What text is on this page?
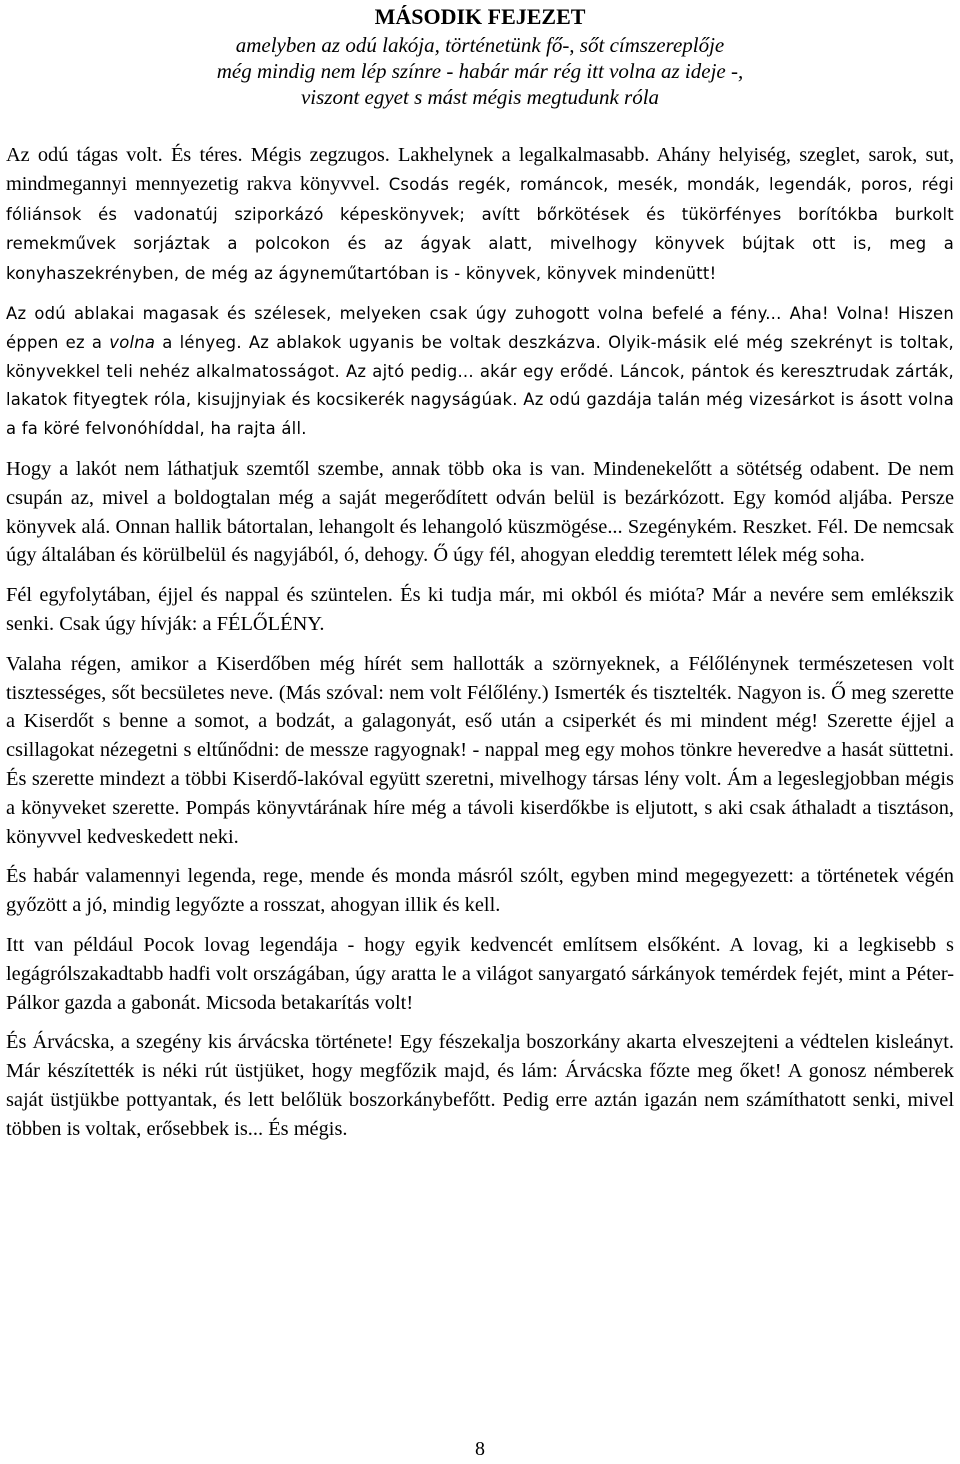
MÁSODIK FEJEZET
amelyben az odú lakója, történetünk fő-, sőt címszereplője
még mindig nem lép színre - habár már rég itt volna az ideje -,
viszont egyet s mást mégis megtudunk róla

Az odú tágas volt. És téres. Mégis zegzugos. Lakhelynek a legalkalmasabb. Ahány helyiség, szeglet, sarok, sut, mindmegannyi mennyezetig rakva könyvvel. Csodás regék, románcok, mesék, mondák, legendák, poros, régi fóliánsok és vadonatúj sziporkázó képeskönyvek; avítt bőrkötések és tükörfényes borítókba burkolt remekművek sorjáztak a polcokon és az ágyak alatt, mivelhogy könyvek bújtak ott is, meg a konyhaszekrényben, de még az ágyneműtartóban is - könyvek, könyvek mindenütt!

Az odú ablakai magasak és szélesek, melyeken csak úgy zuhogott volna befelé a fény... Aha! Volna! Hiszen éppen ez a volna a lényeg. Az ablakok ugyanis be voltak deszkázva. Olyik-másik elé még szekrényt is toltak, könyvekkel teli nehéz alkalmatosságot. Az ajtó pedig... akár egy erődé. Láncok, pántok és keresztrudak zárták, lakatok fityegtek róla, kisujjnyiak és kocsikerék nagyságúak. Az odú gazdája talán még vizesárkot is ásott volna a fa köré felvonóhíddal, ha rajta áll.

Hogy a lakót nem láthatjuk szemtől szembe, annak több oka is van. Mindenekelőtt a sötétség odabent. De nem csupán az, mivel a boldogtalan még a saját megerődített odván belül is bezárkózott. Egy komód aljába. Persze könyvek alá. Onnan hallik bátortalan, lehangolt és lehangoló küszmögése... Szegénykém. Reszket. Fél. De nemcsak úgy általában és körülbelül és nagyjából, ó, dehogy. Ő úgy fél, ahogyan eleddig teremtett lélek még soha.

Fél egyfolytában, éjjel és nappal és szüntelen. És ki tudja már, mi okból és mióta? Már a nevére sem emlékszik senki. Csak úgy hívják: a FÉLŐLÉNY.

Valaha régen, amikor a Kiserdőben még hírét sem hallották a szörnyeknek, a Félőlénynek természetesen volt tisztességes, sőt becsületes neve. (Más szóval: nem volt Félőlény.) Ismerték és tisztelték. Nagyon is. Ő meg szerette a Kiserdőt s benne a somot, a bodzát, a galagonyát, eső után a csiperkét és mi mindent még! Szerette éjjel a csillagokat nézegetni s eltűnődni: de messze ragyognak! - nappal meg egy mohos tönkre heveredve a hasát süttetni. És szerette mindezt a többi Kiserdő-lakóval együtt szeretni, mivelhogy társas lény volt. Ám a legeslegjobban mégis a könyveket szerette. Pompás könyvtárának híre még a távoli kiserdőkbe is eljutott, s aki csak áthaladt a tisztáson, könyvvel kedveskedett neki.

És habár valamennyi legenda, rege, mende és monda másról szólt, egyben mind megegyezett: a történetek végén győzött a jó, mindig legyőzte a rosszat, ahogyan illik és kell.

Itt van például Pocok lovag legendája - hogy egyik kedvencét említsem elsőként. A lovag, ki a legkisebb s legágrólszakadtabb hadfi volt országában, úgy aratta le a világot sanyargató sárkányok temérdek fejét, mint a Péter-Pálkor gazda a gabonát. Micsoda betakarítás volt!

És Árvácska, a szegény kis árvácska története! Egy fészekalja boszorkány akarta elveszejteni a védtelen kisleányt. Már készítették is néki rút üstjüket, hogy megfőzik majd, és lám: Árvácska főzte meg őket! A gonosz némberek saját üstjükbe pottyantak, és lett belőlük boszorkánybefőtt. Pedig erre aztán igazán nem számíthatott senki, mivel többen is voltak, erősebbek is... És mégis.

8
